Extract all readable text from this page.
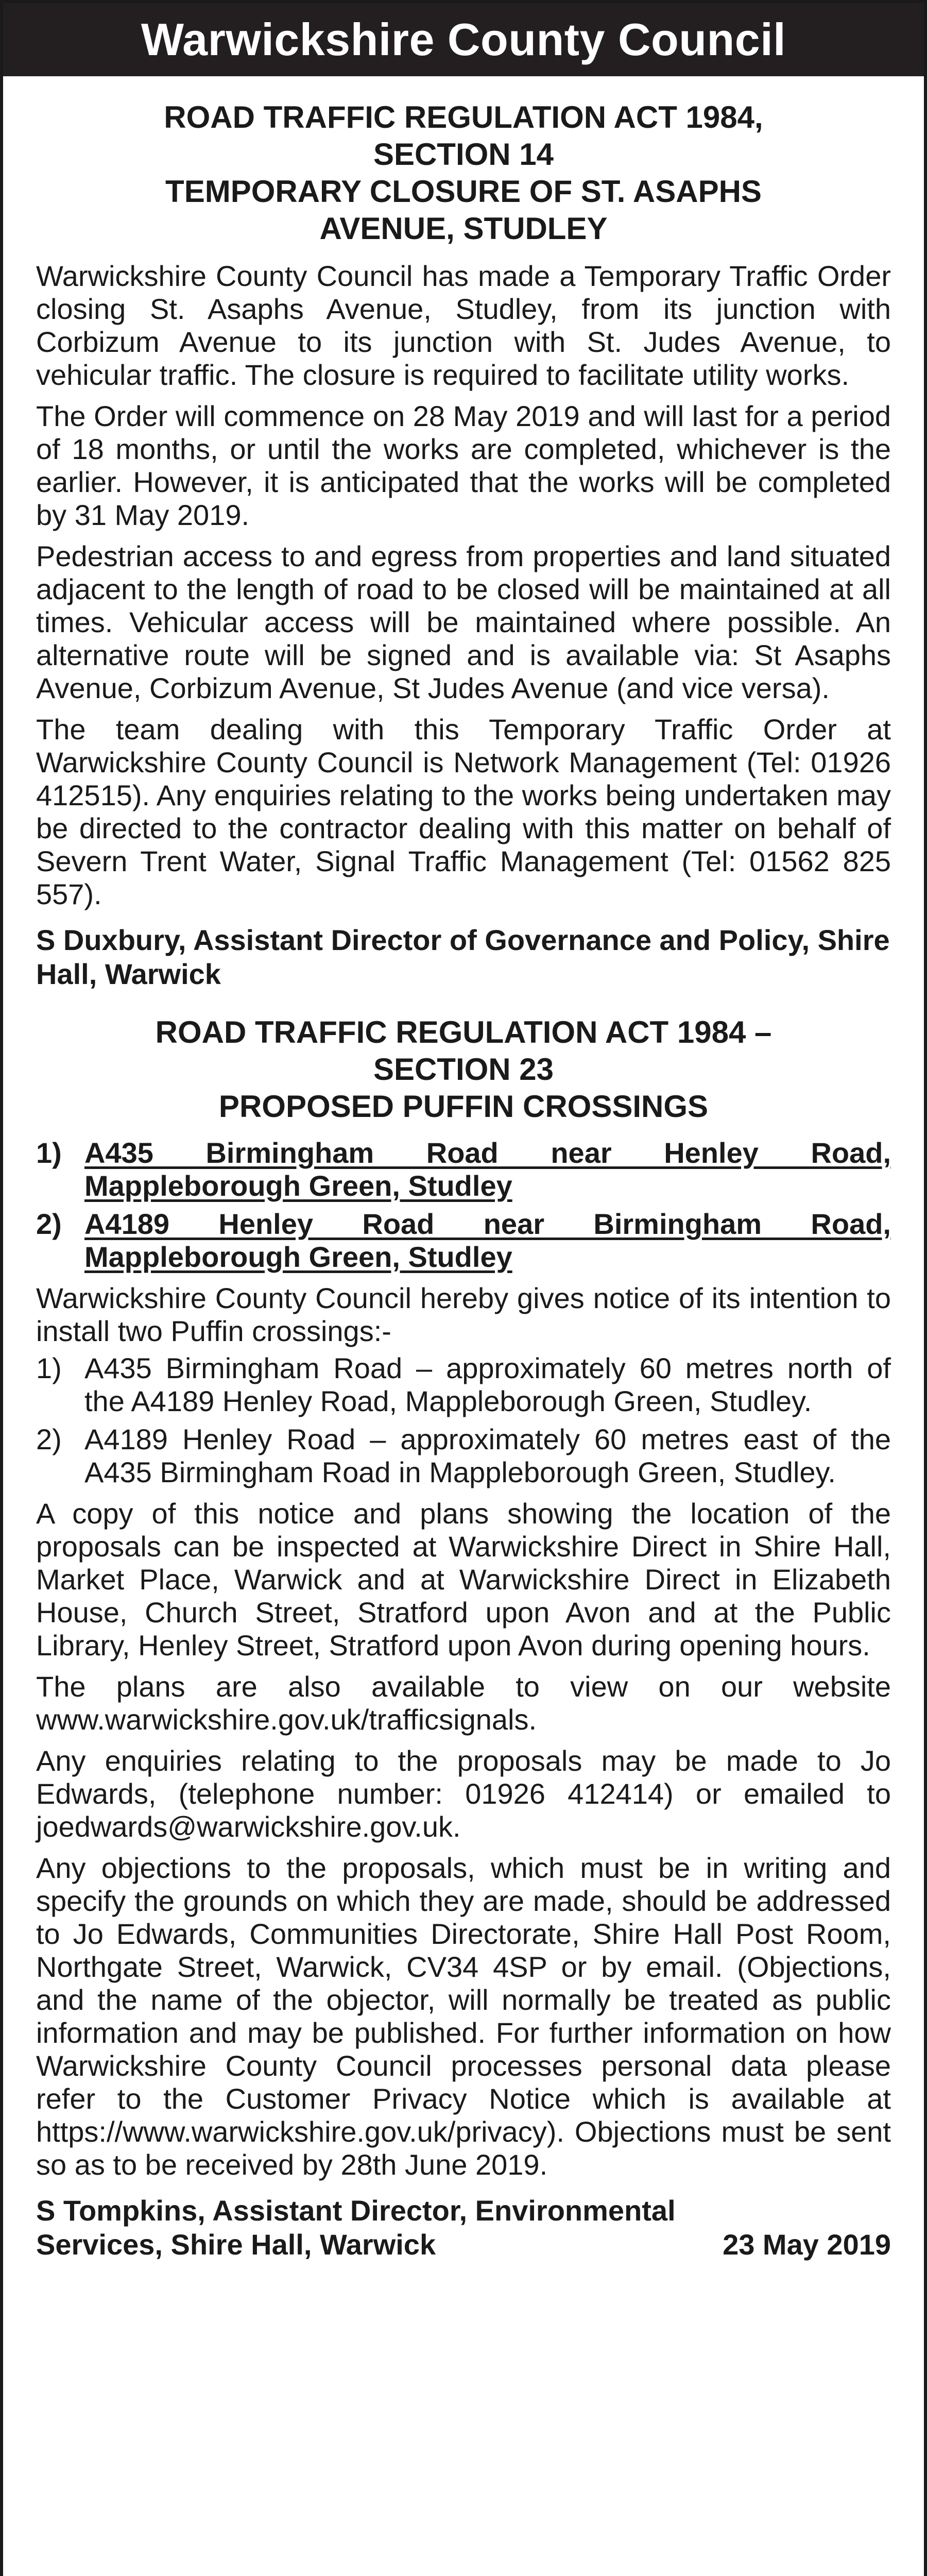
Warwickshire County Council
ROAD TRAFFIC REGULATION ACT 1984,
SECTION 14
TEMPORARY CLOSURE OF ST. ASAPHS
AVENUE, STUDLEY

Warwickshire County Council has made a Temporary Traffic Order closing St. Asaphs Avenue, Studley, from its junction with Corbizum Avenue to its junction with St. Judes Avenue, to vehicular traffic. The closure is required to facilitate utility works.

The Order will commence on 28 May 2019 and will last for a period of 18 months, or until the works are completed, whichever is the earlier. However, it is anticipated that the works will be completed by 31 May 2019.

Pedestrian access to and egress from properties and land situated adjacent to the length of road to be closed will be maintained at all times. Vehicular access will be maintained where possible. An alternative route will be signed and is available via: St Asaphs Avenue, Corbizum Avenue, St Judes Avenue (and vice versa).

The team dealing with this Temporary Traffic Order at Warwickshire County Council is Network Management (Tel: 01926 412515). Any enquiries relating to the works being undertaken may be directed to the contractor dealing with this matter on behalf of Severn Trent Water, Signal Traffic Management (Tel: 01562 825 557).

S Duxbury, Assistant Director of Governance and Policy, Shire Hall, Warwick

ROAD TRAFFIC REGULATION ACT 1984 –
SECTION 23
PROPOSED PUFFIN CROSSINGS
1) A435 Birmingham Road near Henley Road, Mappleborough Green, Studley
2) A4189 Henley Road near Birmingham Road, Mappleborough Green, Studley

Warwickshire County Council hereby gives notice of its intention to install two Puffin crossings:-

1) A435 Birmingham Road – approximately 60 metres north of the A4189 Henley Road, Mappleborough Green, Studley.
2) A4189 Henley Road – approximately 60 metres east of the A435 Birmingham Road in Mappleborough Green, Studley.

A copy of this notice and plans showing the location of the proposals can be inspected at Warwickshire Direct in Shire Hall, Market Place, Warwick and at Warwickshire Direct in Elizabeth House, Church Street, Stratford upon Avon and at the Public Library, Henley Street, Stratford upon Avon during opening hours.

The plans are also available to view on our website www.warwickshire.gov.uk/trafficsignals.

Any enquiries relating to the proposals may be made to Jo Edwards, (telephone number: 01926 412414) or emailed to joedwards@warwickshire.gov.uk.

Any objections to the proposals, which must be in writing and specify the grounds on which they are made, should be addressed to Jo Edwards, Communities Directorate, Shire Hall Post Room, Northgate Street, Warwick, CV34 4SP or by email. (Objections, and the name of the objector, will normally be treated as public information and may be published. For further information on how Warwickshire County Council processes personal data please refer to the Customer Privacy Notice which is available at https://www.warwickshire.gov.uk/privacy). Objections must be sent so as to be received by 28th June 2019.

S Tompkins, Assistant Director, Environmental
Services, Shire Hall, Warwick	23 May 2019
